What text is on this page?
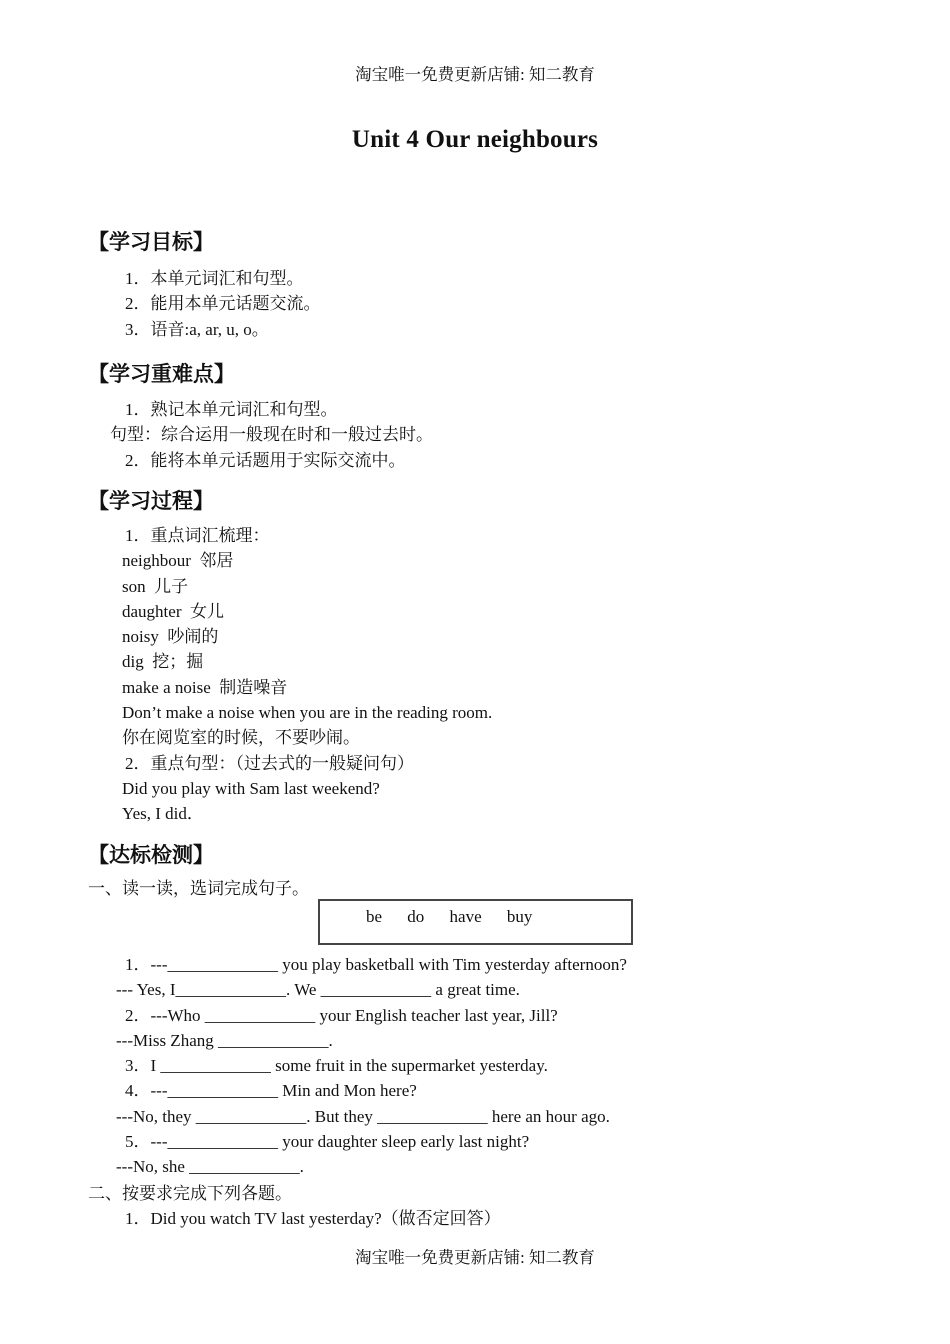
淘宝唯一免费更新店铺: 知二教育
Unit 4 Our neighbours
【学习目标】
1．本单元词汇和句型。
2．能用本单元话题交流。
3．语音:a, ar, u, o。
【学习重难点】
1．熟记本单元词汇和句型。
句型：综合运用一般现在时和一般过去时。
2．能将本单元话题用于实际交流中。
【学习过程】
1．重点词汇梳理：
neighbour  邻居
son  儿子
daughter  女儿
noisy  吵闹的
dig  挖；掘
make a noise  制造噪音
Don’t make a noise when you are in the reading room.
你在阅览室的时候，不要吵闹。
2．重点句型：（过去式的一般疑问句）
Did you play with Sam last weekend?
Yes, I did．
【达标检测】
一、读一读，选词完成句子。
be do have buy
1．---_____________ you play basketball with Tim yesterday afternoon?
--- Yes, I_____________. We _____________ a great time.
2．---Who _____________ your English teacher last year, Jill?
---Miss Zhang _____________.
3．I _____________ some fruit in the supermarket yesterday.
4．---_____________ Min and Mon here?
---No, they _____________. But they _____________ here an hour ago.
5．---_____________ your daughter sleep early last night?
---No, she _____________.
二、按要求完成下列各题。
1．Did you watch TV last yesterday?（做否定回答）
淘宝唯一免费更新店铺: 知二教育
